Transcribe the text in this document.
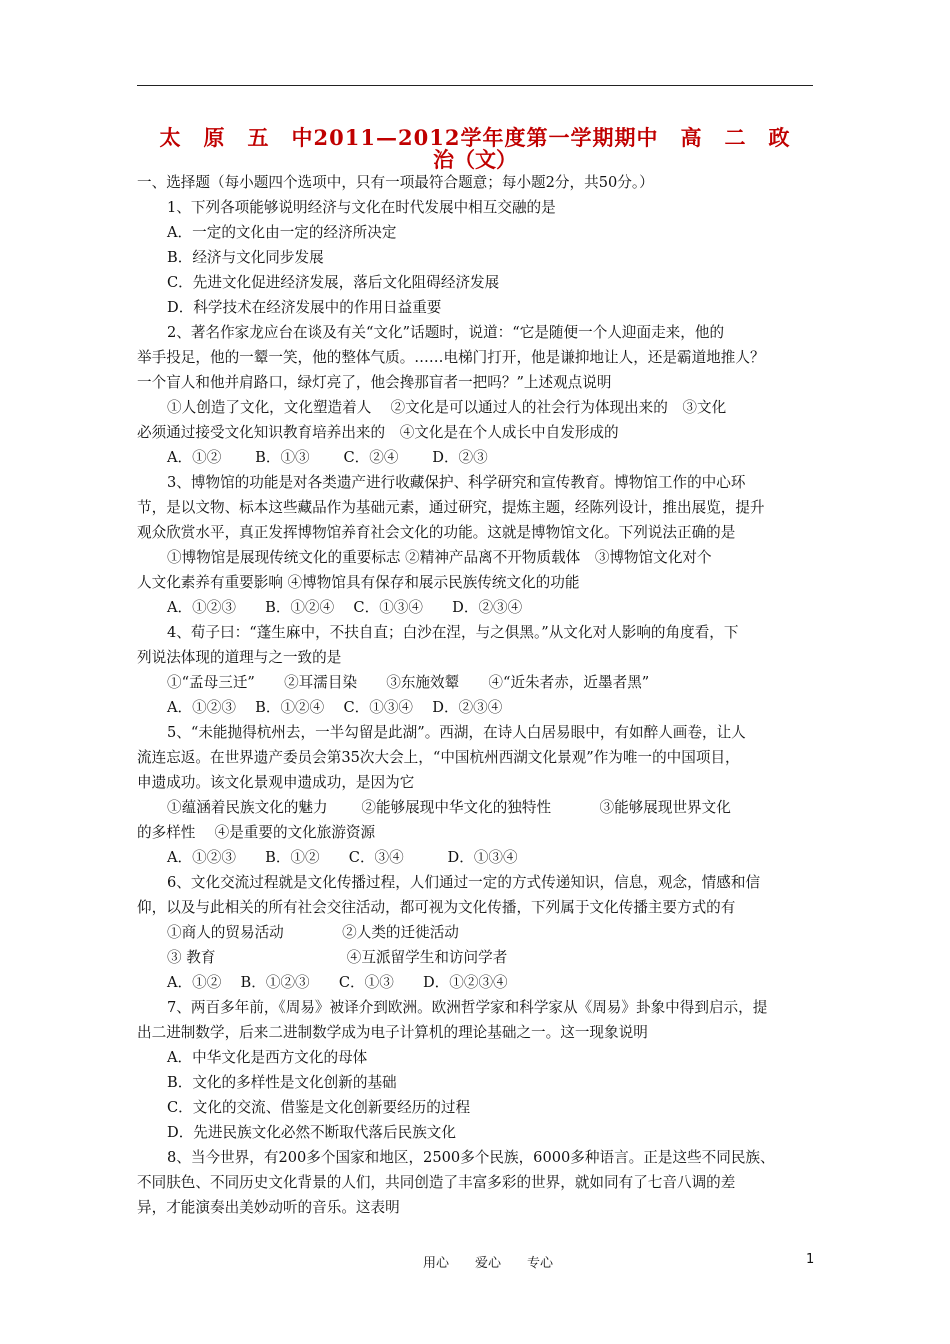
太　原　五　中2011—2012学年度第一学期期中　高　二　政
治（文）
一、选择题（每小题四个选项中，只有一项最符合题意；每小题2分，共50分。）
1、下列各项能够说明经济与文化在时代发展中相互交融的是
A．一定的文化由一定的经济所决定
B．经济与文化同步发展
C．先进文化促进经济发展，落后文化阻碍经济发展
D．科学技术在经济发展中的作用日益重要
2、著名作家龙应台在谈及有关“文化”话题时，说道：“它是随便一个人迎面走来，他的
举手投足，他的一颦一笑，他的整体气质。……电梯门打开，他是谦抑地让人，还是霸道地推人？
一个盲人和他并肩路口，绿灯亮了，他会搀那盲者一把吗？”上述观点说明
①人创造了文化，文化塑造着人　 ②文化是可以通过人的社会行为体现出来的　③文化
必须通过接受文化知识教育培养出来的　④文化是在个人成长中自发形成的
A．①②　　 B．①③　　 C．②④　　 D．②③
3、博物馆的功能是对各类遗产进行收藏保护、科学研究和宣传教育。博物馆工作的中心环
节，是以文物、标本这些藏品作为基础元素，通过研究，提炼主题，经陈列设计，推出展览，提升
观众欣赏水平，真正发挥博物馆养育社会文化的功能。这就是博物馆文化。下列说法正确的是
①博物馆是展现传统文化的重要标志 ②精神产品离不开物质载体　③博物馆文化对个
人文化素养有重要影响 ④博物馆具有保存和展示民族传统文化的功能
A．①②③　　B．①②④　 C．①③④　　D．②③④
4、荀子曰：“蓬生麻中，不扶自直；白沙在涅，与之俱黑。”从文化对人影响的角度看，下
列说法体现的道理与之一致的是
①“孟母三迁”　　②耳濡目染　　③东施效颦　　④“近朱者赤，近墨者黑”
A．①②③　 B．①②④　 C．①③④　 D．②③④
5、“未能抛得杭州去，一半勾留是此湖”。西湖，在诗人白居易眼中，有如醉人画卷，让人
流连忘返。在世界遗产委员会第35次大会上，“中国杭州西湖文化景观”作为唯一的中国项目，
申遗成功。该文化景观申遗成功，是因为它
①蕴涵着民族文化的魅力　　 ②能够展现中华文化的独特性　　　 ③能够展现世界文化
的多样性　 ④是重要的文化旅游资源
A．①②③　　B．①②　　C．③④　　　D．①③④
6、文化交流过程就是文化传播过程，人们通过一定的方式传递知识，信息，观念，情感和信
仰，以及与此相关的所有社会交往活动，都可视为文化传播，下列属于文化传播主要方式的有
①商人的贸易活动　　　　②人类的迁徙活动
③ 教育　　　　　　　　　④互派留学生和访问学者
A．①②　 B．①②③　　C．①③　　D．①②③④
7、两百多年前，《周易》被译介到欧洲。欧洲哲学家和科学家从《周易》卦象中得到启示，提
出二进制数学，后来二进制数学成为电子计算机的理论基础之一。这一现象说明
A．中华文化是西方文化的母体
B．文化的多样性是文化创新的基础
C．文化的交流、借鉴是文化创新要经历的过程
D．先进民族文化必然不断取代落后民族文化
8、当今世界，有200多个国家和地区，2500多个民族，6000多种语言。正是这些不同民族、
不同肤色、不同历史文化背景的人们，共同创造了丰富多彩的世界，就如同有了七音八调的差
异，才能演奏出美妙动听的音乐。这表明
用心　　爱心　　专心	1
